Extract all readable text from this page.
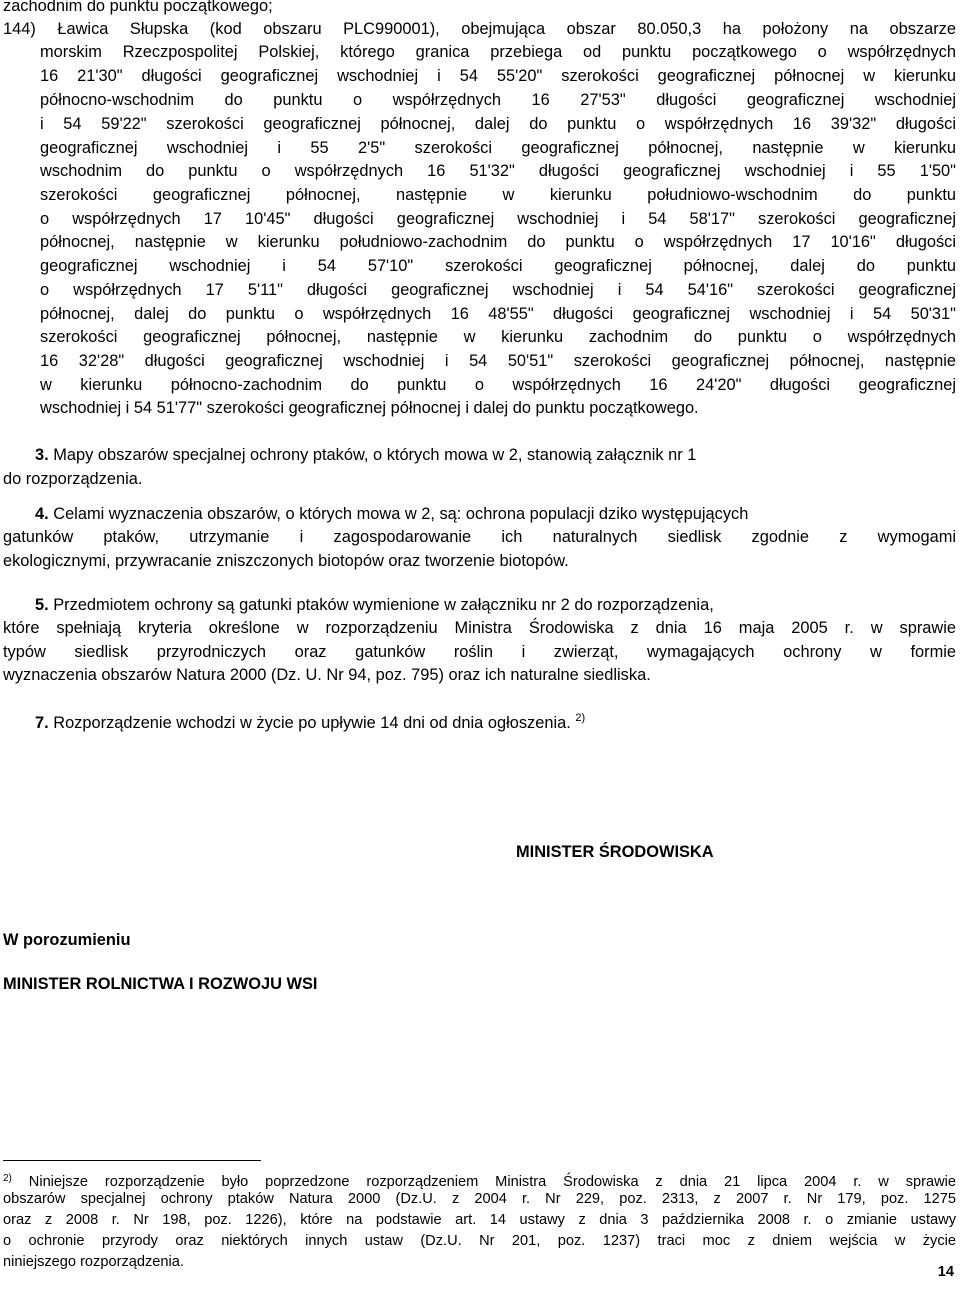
zachodnim do punktu początkowego;
144) Ławica Słupska (kod obszaru PLC990001), obejmująca obszar 80.050,3 ha położony na obszarze
morskim Rzeczpospolitej Polskiej, którego granica przebiega od punktu początkowego o współrzędnych
16 21'30" długości geograficznej wschodniej i 54 55'20" szerokości geograficznej północnej w kierunku
północno-wschodnim do punktu o współrzędnych 16 27'53" długości geograficznej wschodniej
i 54 59'22" szerokości geograficznej północnej, dalej do punktu o współrzędnych 16 39'32" długości
geograficznej wschodniej i 55 2'5" szerokości geograficznej północnej, następnie w kierunku
wschodnim do punktu o współrzędnych 16 51'32" długości geograficznej wschodniej i 55 1'50"
szerokości geograficznej północnej, następnie w kierunku południowo-wschodnim do punktu
o współrzędnych 17 10'45" długości geograficznej wschodniej i 54 58'17" szerokości geograficznej
północnej, następnie w kierunku południowo-zachodnim do punktu o współrzędnych 17 10'16" długości
geograficznej wschodniej i 54 57'10" szerokości geograficznej północnej, dalej do punktu
o współrzędnych 17 5'11" długości geograficznej wschodniej i 54 54'16" szerokości geograficznej
północnej, dalej do punktu o współrzędnych 16 48'55" długości geograficznej wschodniej i 54 50'31"
szerokości geograficznej północnej, następnie w kierunku zachodnim do punktu o współrzędnych
16 32'28" długości geograficznej wschodniej i 54 50'51" szerokości geograficznej północnej, następnie
w kierunku północno-zachodnim do punktu o współrzędnych 16 24'20" długości geograficznej
wschodniej i 54 51'77" szerokości geograficznej północnej i dalej do punktu początkowego.
3. Mapy obszarów specjalnej ochrony ptaków, o których mowa w 2, stanowią załącznik nr 1
do rozporządzenia.
4. Celami wyznaczenia obszarów, o których mowa w 2, są: ochrona populacji dziko występujących
gatunków ptaków, utrzymanie i zagospodarowanie ich naturalnych siedlisk zgodnie z wymogami
ekologicznymi, przywracanie zniszczonych biotopów oraz tworzenie biotopów.
5. Przedmiotem ochrony są gatunki ptaków wymienione w załączniku nr 2 do rozporządzenia,
które spełniają kryteria określone w rozporządzeniu Ministra Środowiska z dnia 16 maja 2005 r. w sprawie
typów siedlisk przyrodniczych oraz gatunków roślin i zwierząt, wymagających ochrony w formie
wyznaczenia obszarów Natura 2000 (Dz. U. Nr 94, poz. 795) oraz ich naturalne siedliska.
7. Rozporządzenie wchodzi w życie po upływie 14 dni od dnia ogłoszenia. $^{2)}$
MINISTER ŚRODOWISKA
W porozumieniu
MINISTER ROLNICTWA I ROZWOJU WSI
$^{2)}$ Niniejsze rozporządzenie było poprzedzone rozporządzeniem Ministra Środowiska z dnia 21 lipca 2004 r. w sprawie
obszarów specjalnej ochrony ptaków Natura 2000 (Dz.U. z 2004 r. Nr 229, poz. 2313, z 2007 r. Nr 179, poz. 1275
oraz z 2008 r. Nr 198, poz. 1226), które na podstawie art. 14 ustawy z dnia 3 października 2008 r. o zmianie ustawy
o ochronie przyrody oraz niektórych innych ustaw (Dz.U. Nr 201, poz. 1237) traci moc z dniem wejścia w życie
niniejszego rozporządzenia.
14
